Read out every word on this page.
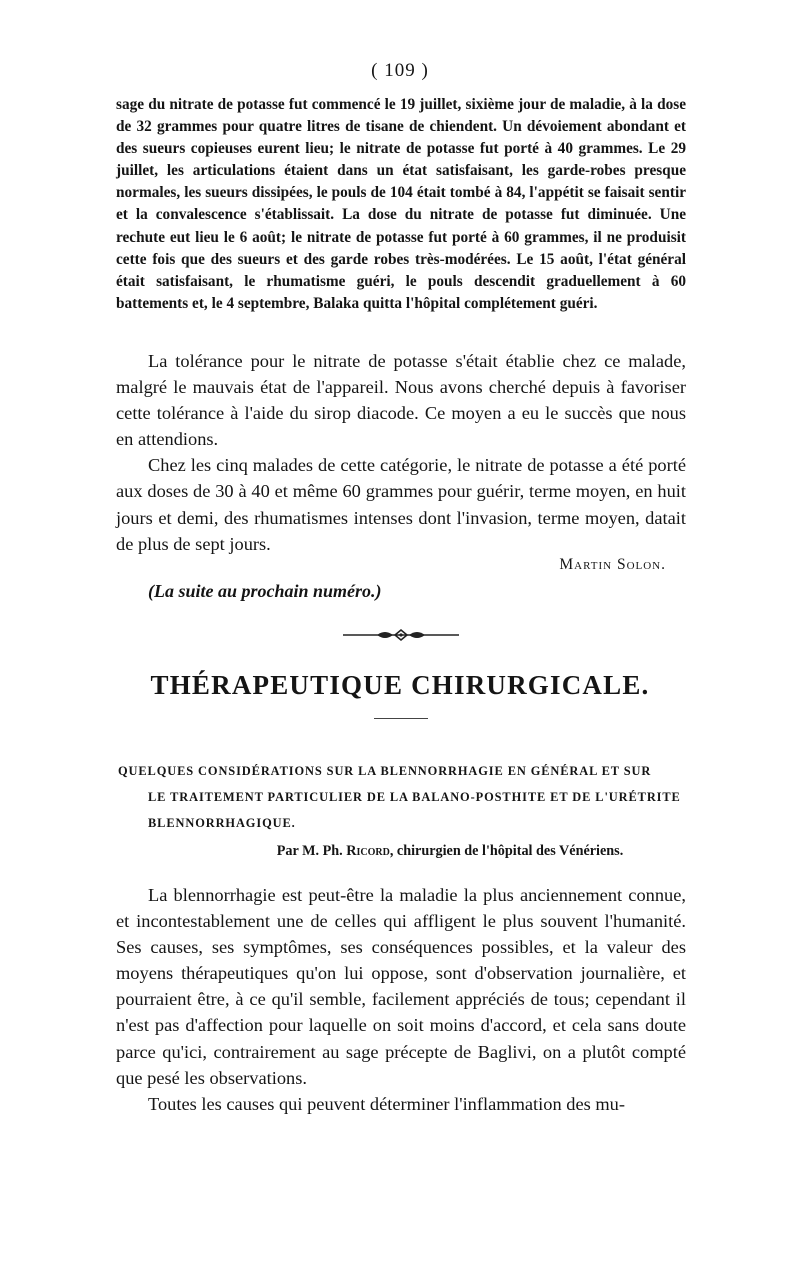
( 109 )

sage du nitrate de potasse fut commencé le 19 juillet, sixième jour de maladie, à la dose de 32 grammes pour quatre litres de tisane de chiendent. Un dévoiement abondant et des sueurs copieuses eurent lieu; le nitrate de potasse fut porté à 40 grammes. Le 29 juillet, les articulations étaient dans un état satisfaisant, les garde-robes presque normales, les sueurs dissipées, le pouls de 104 était tombé à 84, l'appétit se faisait sentir et la convalescence s'établissait. La dose du nitrate de potasse fut diminuée. Une rechute eut lieu le 6 août; le nitrate de potasse fut porté à 60 grammes, il ne produisit cette fois que des sueurs et des garde robes très-modérées. Le 15 août, l'état général était satisfaisant, le rhumatisme guéri, le pouls descendit graduellement à 60 battements et, le 4 septembre, Balaka quitta l'hôpital complétement guéri.

La tolérance pour le nitrate de potasse s'était établie chez ce malade, malgré le mauvais état de l'appareil. Nous avons cherché depuis à favoriser cette tolérance à l'aide du sirop diacode. Ce moyen a eu le succès que nous en attendions.

Chez les cinq malades de cette catégorie, le nitrate de potasse a été porté aux doses de 30 à 40 et même 60 grammes pour guérir, terme moyen, en huit jours et demi, des rhumatismes intenses dont l'invasion, terme moyen, datait de plus de sept jours.

Martin Solon.
(La suite au prochain numéro.)
THÉRAPEUTIQUE CHIRURGICALE.
QUELQUES CONSIDÉRATIONS SUR LA BLENNORRHAGIE EN GÉNÉRAL ET SUR
LE TRAITEMENT PARTICULIER DE LA BALANO-POSTHITE ET DE L'URÉTRITE
BLENNORRHAGIQUE.
Par M. Ph. Ricord, chirurgien de l'hôpital des Vénériens.

La blennorrhagie est peut-être la maladie la plus anciennement connue, et incontestablement une de celles qui affligent le plus souvent l'humanité. Ses causes, ses symptômes, ses conséquences possibles, et la valeur des moyens thérapeutiques qu'on lui oppose, sont d'observation journalière, et pourraient être, à ce qu'il semble, facilement appréciés de tous; cependant il n'est pas d'affection pour laquelle on soit moins d'accord, et cela sans doute parce qu'ici, contrairement au sage précepte de Baglivi, on a plutôt compté que pesé les observations.

Toutes les causes qui peuvent déterminer l'inflammation des mu-
